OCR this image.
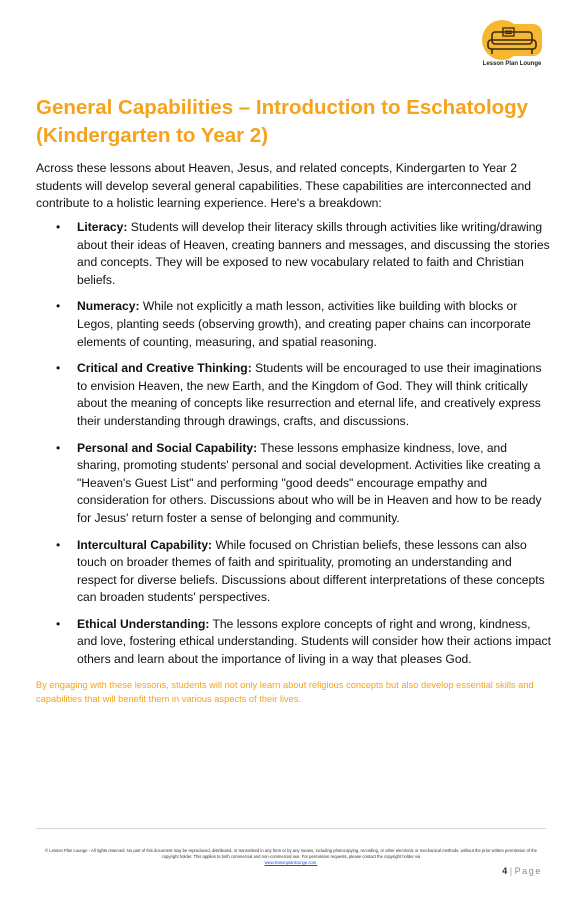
Lesson Plan Lounge
General Capabilities – Introduction to Eschatology (Kindergarten to Year 2)

Across these lessons about Heaven, Jesus, and related concepts, Kindergarten to Year 2 students will develop several general capabilities. These capabilities are interconnected and contribute to a holistic learning experience. Here's a breakdown:

• Literacy: Students will develop their literacy skills through activities like writing/drawing about their ideas of Heaven, creating banners and messages, and discussing the stories and concepts. They will be exposed to new vocabulary related to faith and Christian beliefs.
• Numeracy: While not explicitly a math lesson, activities like building with blocks or Legos, planting seeds (observing growth), and creating paper chains can incorporate elements of counting, measuring, and spatial reasoning.
• Critical and Creative Thinking: Students will be encouraged to use their imaginations to envision Heaven, the new Earth, and the Kingdom of God. They will think critically about the meaning of concepts like resurrection and eternal life, and creatively express their understanding through drawings, crafts, and discussions.
• Personal and Social Capability: These lessons emphasize kindness, love, and sharing, promoting students' personal and social development. Activities like creating a "Heaven's Guest List" and performing "good deeds" encourage empathy and consideration for others. Discussions about who will be in Heaven and how to be ready for Jesus' return foster a sense of belonging and community.
• Intercultural Capability: While focused on Christian beliefs, these lessons can also touch on broader themes of faith and spirituality, promoting an understanding and respect for diverse beliefs. Discussions about different interpretations of these concepts can broaden students' perspectives.
• Ethical Understanding: The lessons explore concepts of right and wrong, kindness, and love, fostering ethical understanding. Students will consider how their actions impact others and learn about the importance of living in a way that pleases God.

By engaging with these lessons, students will not only learn about religious concepts but also develop essential skills and capabilities that will benefit them in various aspects of their lives.

© Lesson Plan Lounge - All rights reserved. No part of this document may be reproduced, distributed, or transmitted in any form or by any means, including photocopying, recording, or other electronic or mechanical methods, without the prior written permission of the copyright holder. This applies to both commercial and non-commercial use. For permission requests, please contact the copyright holder via
www.lessonplanlounge.com.
4 | Page
